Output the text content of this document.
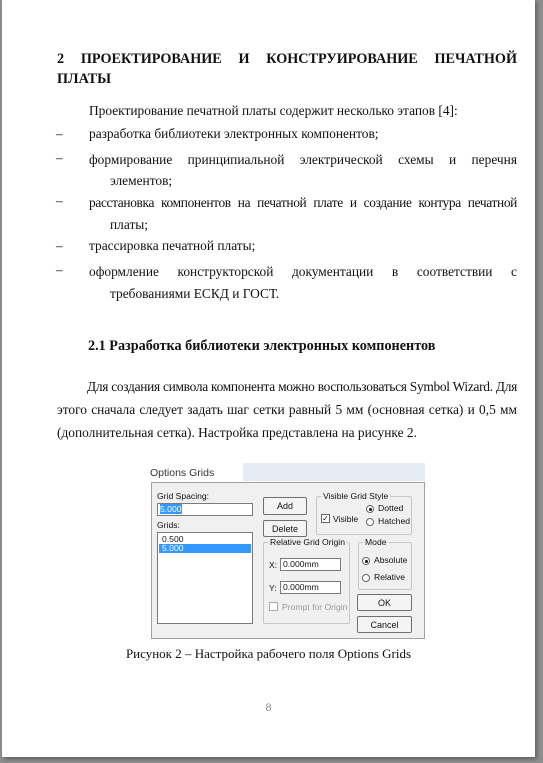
2 ПРОЕКТИРОВАНИЕ И КОНСТРУИРОВАНИЕ ПЕЧАТНОЙ ПЛАТЫ
Проектирование печатной платы содержит несколько этапов [4]:
– разработка библиотеки электронных компонентов;
– формирование принципиальной электрической схемы и перечня
элементов;
– расстановка компонентов на печатной плате и создание контура печатной
платы;
– трассировка печатной платы;
– оформление конструкторской документации в соответствии с
требованиями ЕСКД и ГОСТ.
2.1 Разработка библиотеки электронных компонентов
Для создания символа компонента можно воспользоваться Symbol Wizard. Для
этого сначала следует задать шаг сетки равный 5 мм (основная сетка) и 0,5 мм
(дополнительная сетка). Настройка представлена на рисунке 2.
Options Grids
Grid Spacing:
5.000
Grids:
0.500
5.000
Add
Delete
Visible Grid Style
✓ Visible
Dotted
Hatched
Relative Grid Origin
X: 0.000mm
Y: 0.000mm
Prompt for Origin
Mode
Absolute
Relative
OK
Cancel
Рисунок 2 – Настройка рабочего поля Options Grids
8
